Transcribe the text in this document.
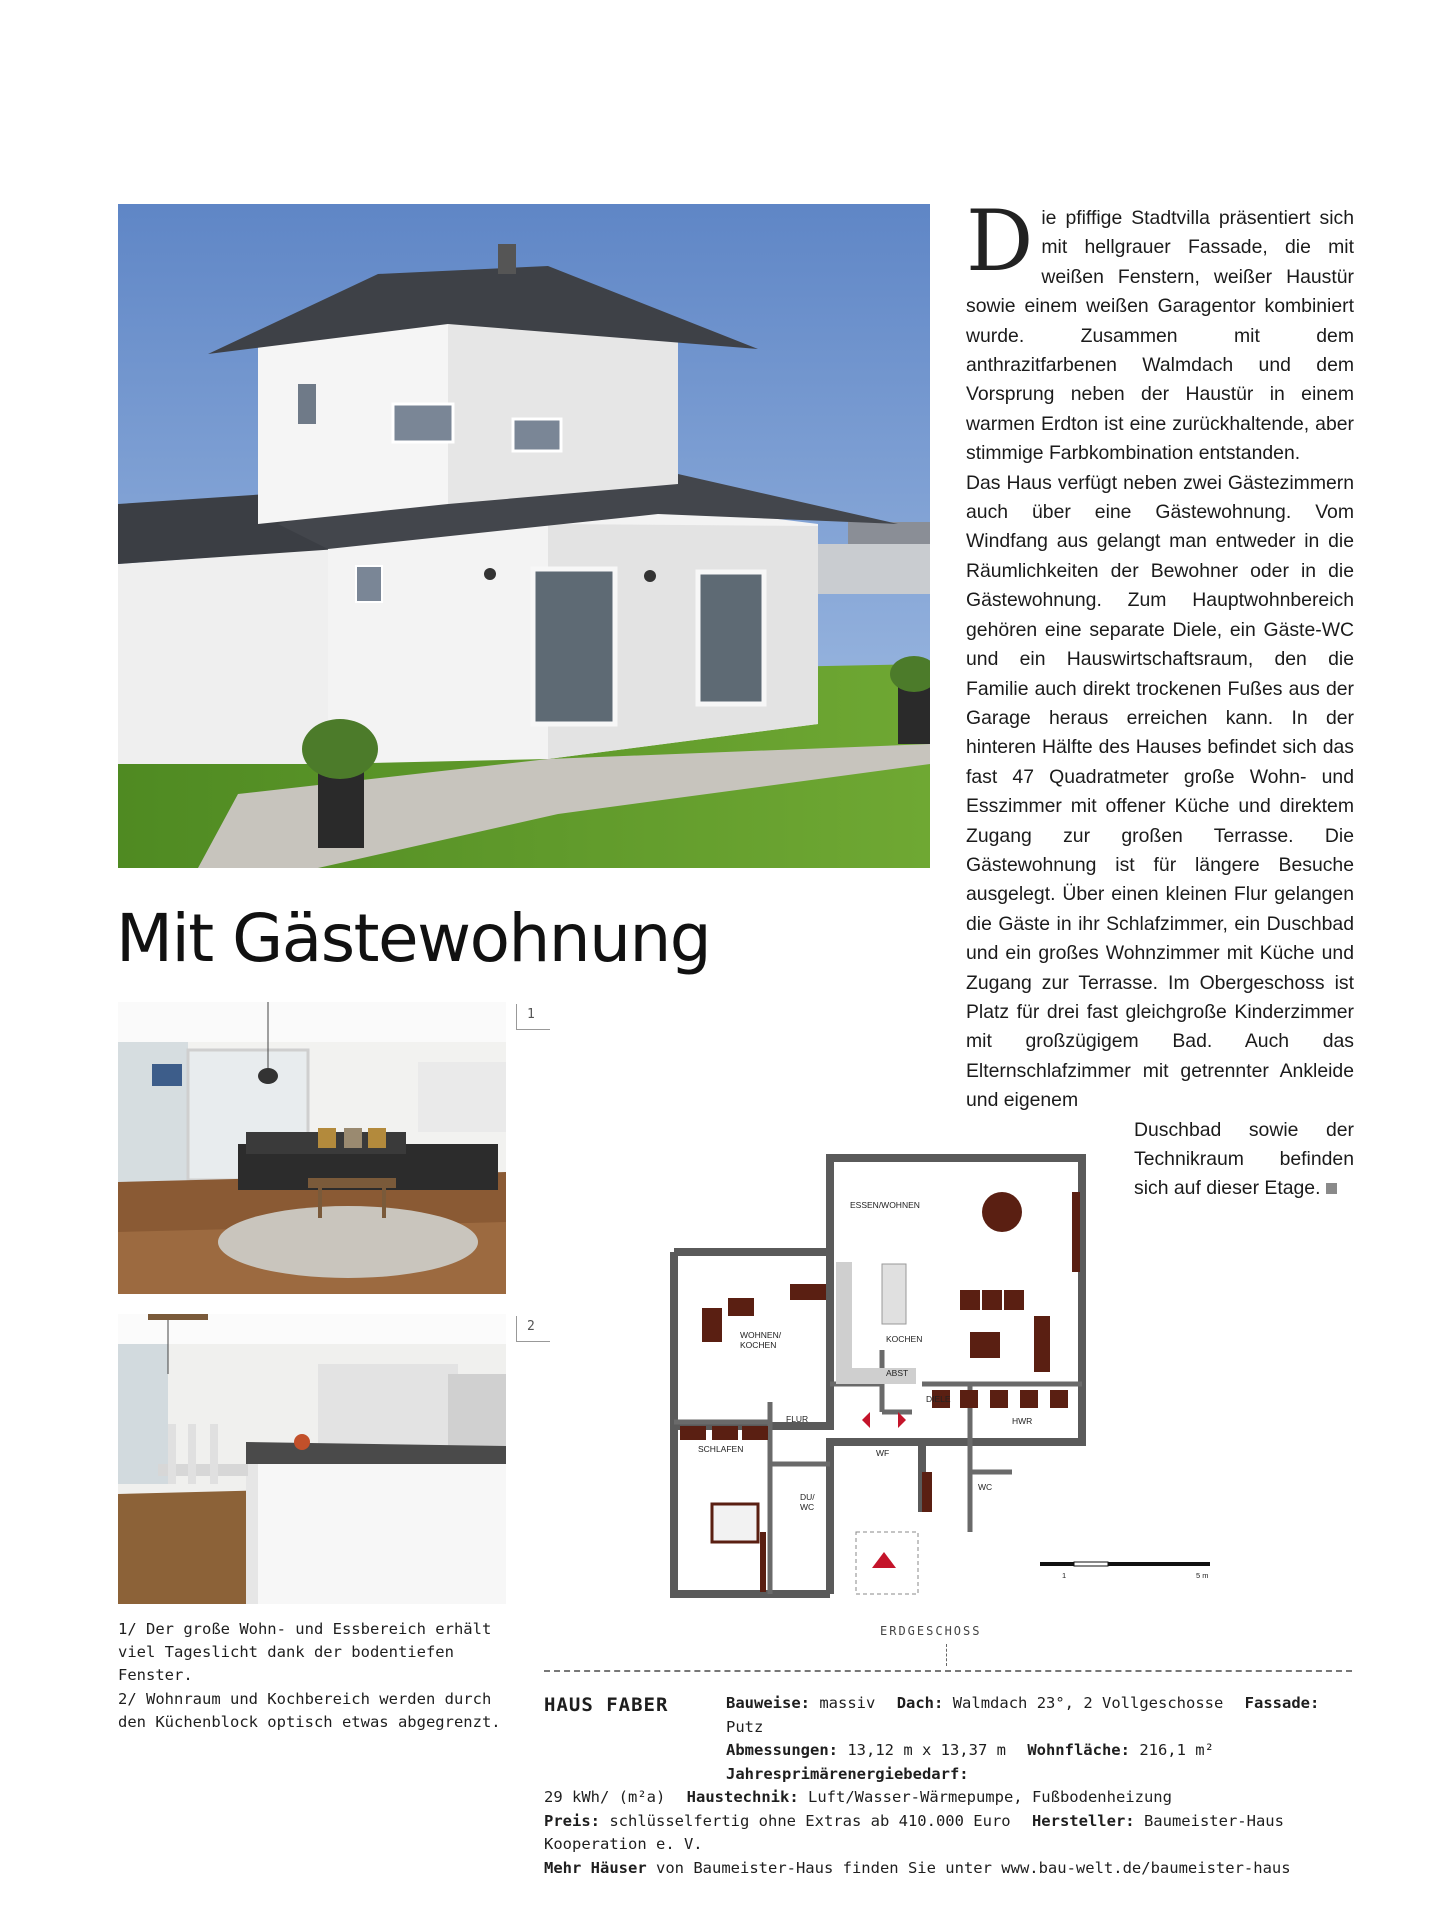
Mit Gästewohnung
D ie pfiffige Stadtvilla präsentiert sich mit hellgrauer Fassade, die mit weißen Fenstern, weißer Haustür sowie einem weißen Garagentor kombiniert wurde. Zusammen mit dem anthrazitfarbenen Walmdach und dem Vorsprung neben der Haustür in einem warmen Erdton ist eine zurückhaltende, aber stimmige Farbkombination entstanden.

Das Haus verfügt neben zwei Gästezimmern auch über eine Gästewohnung. Vom Windfang aus gelangt man entweder in die Räumlichkeiten der Bewohner oder in die Gästewohnung. Zum Hauptwohnbereich gehören eine separate Diele, ein Gäste-WC und ein Hauswirtschaftsraum, den die Familie auch direkt trockenen Fußes aus der Garage heraus erreichen kann. In der hinteren Hälfte des Hauses befindet sich das fast 47 Quadratmeter große Wohn- und Esszimmer mit offener Küche und direktem Zugang zur großen Terrasse. Die Gästewohnung ist für längere Besuche ausgelegt. Über einen kleinen Flur gelangen die Gäste in ihr Schlafzimmer, ein Duschbad und ein großes Wohnzimmer mit Küche und Zugang zur Terrasse. Im Obergeschoss ist Platz für drei fast gleichgroße Kinderzimmer mit großzügigem Bad. Auch das Elternschlafzimmer mit getrennter Ankleide und eigenem

Duschbad sowie der Technikraum befinden sich auf dieser Etage.

1
2
1/ Der große Wohn- und Essbereich erhält viel Tageslicht dank der bodentiefen Fenster.
2/ Wohnraum und Kochbereich werden durch den Küchenblock optisch etwas abgegrenzt.
ESSEN/WOHNEN
WOHNEN/
KOCHEN
KOCHEN
ABST
DIELE
HWR
FLUR
SCHLAFEN	WF
DU/
WC
WC
1	5 m
ERDGESCHOSS
HAUS FABER	Bauweise: massiv Dach: Walmdach 23°, 2 Vollgeschosse Fassade: Putz
Abmessungen: 13,12 m x 13,37 m Wohnfläche: 216,1 m² Jahresprimärenergiebedarf:
29 kWh/ (m²a) Haustechnik: Luft/Wasser-Wärmepumpe, Fußbodenheizung
Preis: schlüsselfertig ohne Extras ab 410.000 Euro Hersteller: Baumeister-Haus Kooperation e. V.
Mehr Häuser von Baumeister-Haus finden Sie unter www.bau-welt.de/baumeister-haus
